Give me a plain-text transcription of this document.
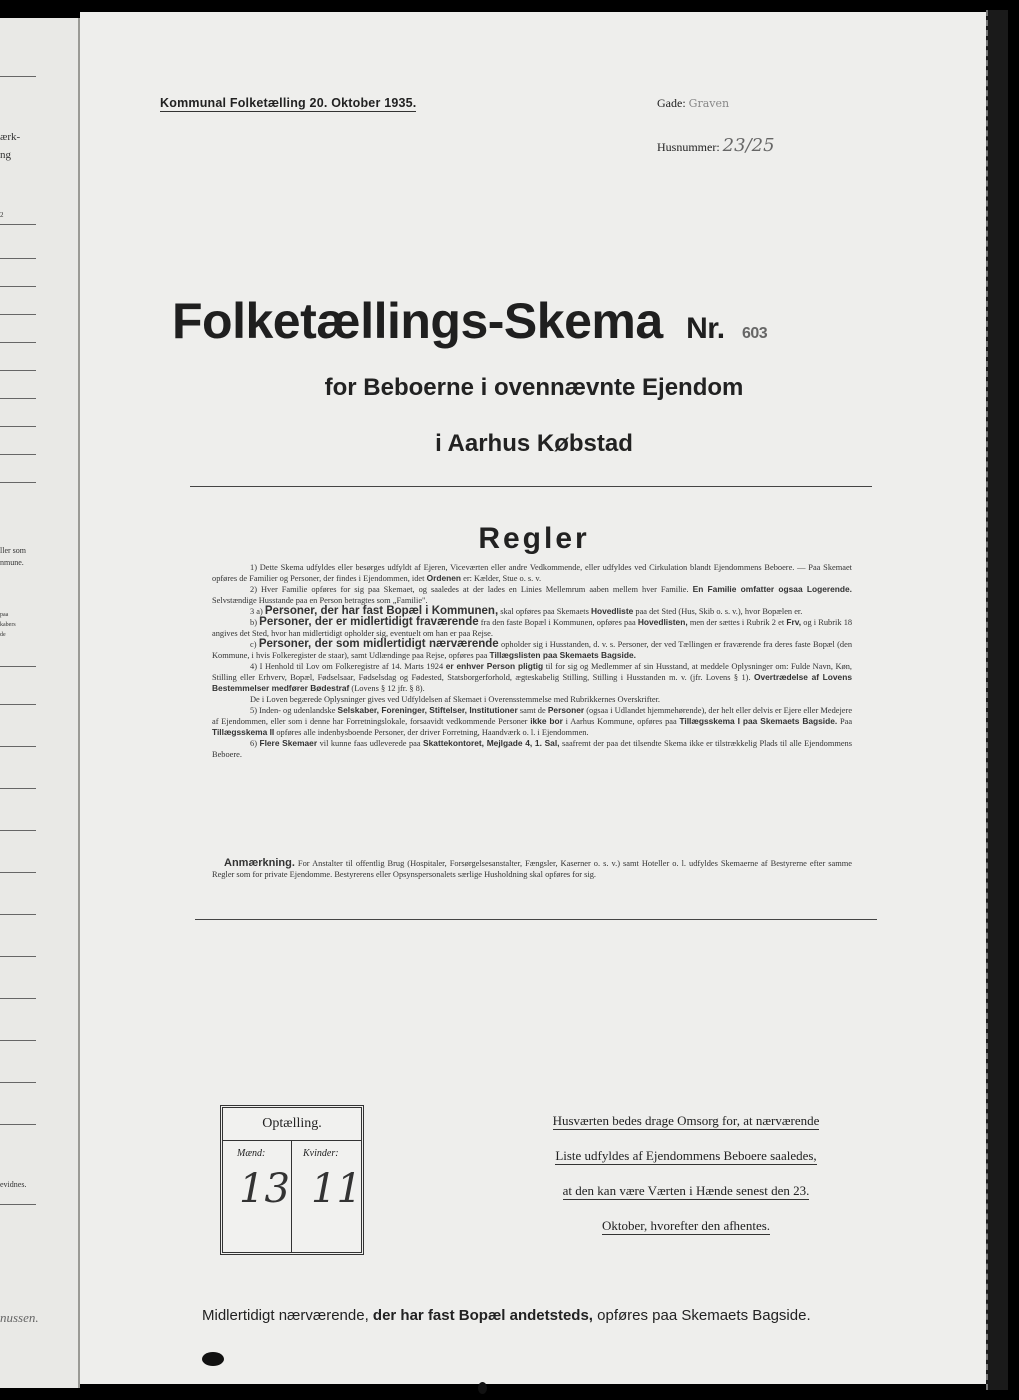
ærk-
ng
2
ller som
nmune.
paa
kabers
de
evidnes.
nussen.
Kommunal Folketælling 20. Oktober 1935.	Gade: Graven
Husnummer: 23/25
Folketællings-Skema Nr. 603
for Beboerne i ovennævnte Ejendom
i Aarhus Købstad
Regler

1) Dette Skema udfyldes eller besørges udfyldt af Ejeren, Viceværten eller andre Vedkommende, eller udfyldes ved Cirkulation blandt Ejendommens Beboere. — Paa Skemaet opføres de Familier og Personer, der findes i Ejendommen, idet Ordenen er: Kælder, Stue o. s. v.

2) Hver Familie opføres for sig paa Skemaet, og saaledes at der lades en Linies Mellemrum aaben mellem hver Familie. En Familie omfatter ogsaa Logerende. Selvstændige Husstande paa en Person betragtes som „Familie".

3 a) Personer, der har fast Bopæl i Kommunen, skal opføres paa Skemaets Hovedliste paa det Sted (Hus, Skib o. s. v.), hvor Bopælen er.

b) Personer, der er midlertidigt fraværende fra den faste Bopæl i Kommunen, opføres paa Hovedlisten, men der sættes i Rubrik 2 et Frv, og i Rubrik 18 angives det Sted, hvor han midlertidigt opholder sig, eventuelt om han er paa Rejse.

c) Personer, der som midlertidigt nærværende opholder sig i Husstanden, d. v. s. Personer, der ved Tællingen er fraværende fra deres faste Bopæl (den Kommune, i hvis Folkeregister de staar), samt Udlændinge paa Rejse, opføres paa Tillægslisten paa Skemaets Bagside.

4) I Henhold til Lov om Folkeregistre af 14. Marts 1924 er enhver Person pligtig til for sig og Medlemmer af sin Husstand, at meddele Oplysninger om: Fulde Navn, Køn, Stilling eller Erhverv, Bopæl, Fødselsaar, Fødselsdag og Fødested, Statsborgerforhold, ægteskabelig Stilling, Stilling i Husstanden m. v. (jfr. Lovens § 1). Overtrædelse af Lovens Bestemmelser medfører Bødestraf (Lovens § 12 jfr. § 8).

De i Loven begærede Oplysninger gives ved Udfyldelsen af Skemaet i Overensstemmelse med Rubrikkernes Overskrifter.

5) Inden- og udenlandske Selskaber, Foreninger, Stiftelser, Institutioner samt de Personer (ogsaa i Udlandet hjemmehørende), der helt eller delvis er Ejere eller Medejere af Ejendommen, eller som i denne har Forretningslokale, forsaavidt vedkommende Personer ikke bor i Aarhus Kommune, opføres paa Tillægsskema I paa Skemaets Bagside. Paa Tillægsskema II opføres alle indenbysboende Personer, der driver Forretning, Haandværk o. l. i Ejendommen.

6) Flere Skemaer vil kunne faas udleverede paa Skattekontoret, Mejlgade 4, 1. Sal, saafremt der paa det tilsendte Skema ikke er tilstrækkelig Plads til alle Ejendommens Beboere.

Anmærkning. For Anstalter til offentlig Brug (Hospitaler, Forsørgelsesanstalter, Fængsler, Kaserner o. s. v.) samt Hoteller o. l. udfyldes Skemaerne af Bestyrerne efter samme Regler som for private Ejendomme. Bestyrerens eller Opsynspersonalets særlige Husholdning skal opføres for sig.

Optælling.
Mænd:	Kvinder:
13 11
Husværten bedes drage Omsorg for, at nærværende
Liste udfyldes af Ejendommens Beboere saaledes,
at den kan være Værten i Hænde senest den 23.
Oktober, hvorefter den afhentes.
Midlertidigt nærværende, der har fast Bopæl andetsteds, opføres paa Skemaets Bagside.
